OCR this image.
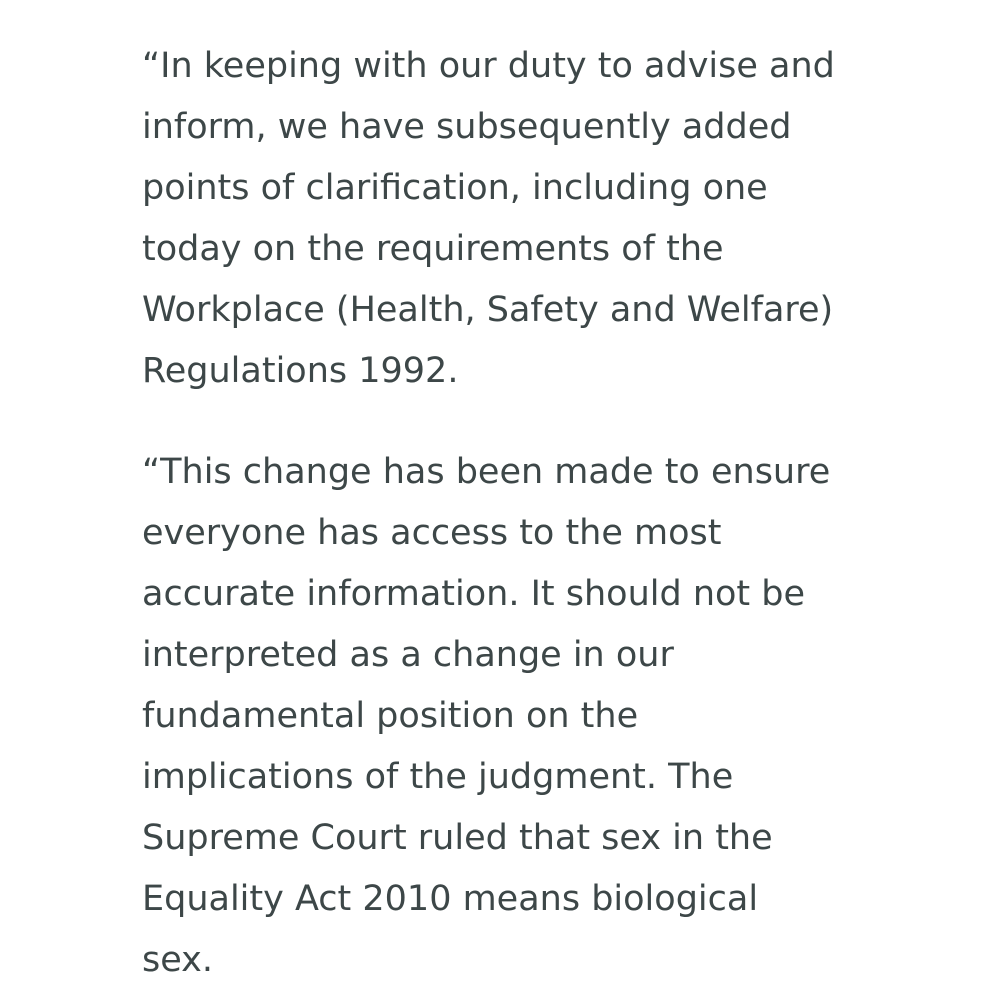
“In keeping with our duty to advise and
inform, we have subsequently added
points of clarification, including one
today on the requirements of the
Workplace (Health, Safety and Welfare)
Regulations 1992.

“This change has been made to ensure
everyone has access to the most
accurate information. It should not be
interpreted as a change in our
fundamental position on the
implications of the judgment. The
Supreme Court ruled that sex in the
Equality Act 2010 means biological
sex.
